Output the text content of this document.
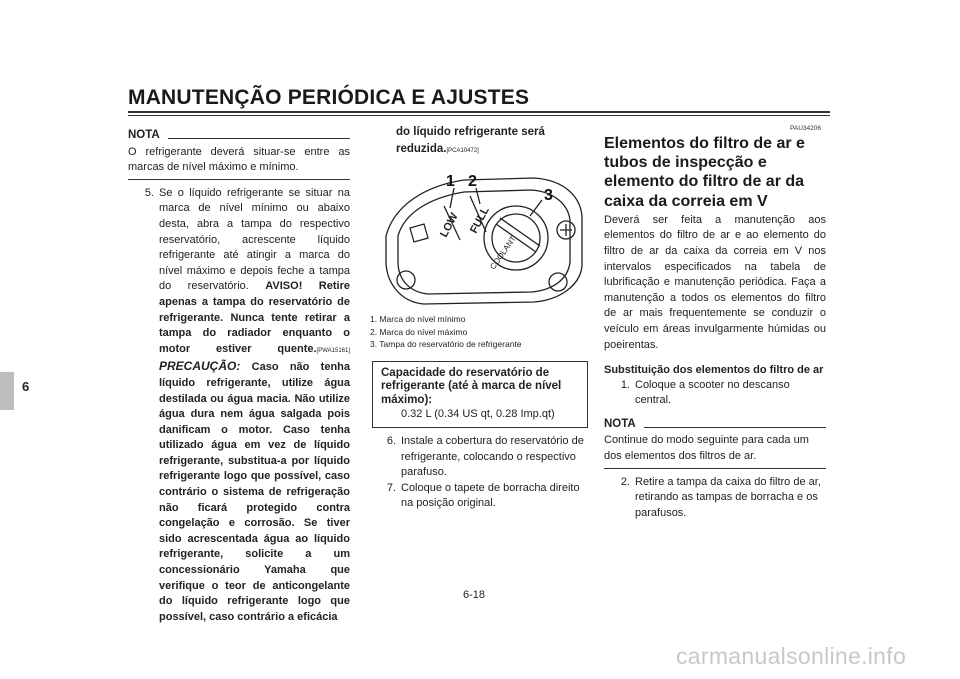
MANUTENÇÃO PERIÓDICA E AJUSTES
6
NOTA
O refrigerante deverá situar-se entre as marcas de nível máximo e mínimo.
5. Se o líquido refrigerante se situar na marca de nível mínimo ou abaixo desta, abra a tampa do respectivo reservatório, acrescente líquido refrigerante até atingir a marca do nível máximo e depois feche a tampa do reservatório. AVISO! Retire apenas a tampa do reservatório de refrigerante. Nunca tente retirar a tampa do radiador enquanto o motor estiver quente.[PWA15161] PRECAUÇÃO: Caso não tenha líquido refrigerante, utilize água destilada ou água macia. Não utilize água dura nem água salgada pois danificam o motor. Caso tenha utilizado água em vez de líquido refrigerante, substitua-a por líquido refrigerante logo que possível, caso contrário o sistema de refrigeração não ficará protegido contra congelação e corrosão. Se tiver sido acrescentada água ao líquido refrigerante, solicite a um concessionário Yamaha que verifique o teor de anticongelante do líquido refrigerante logo que possível, caso contrário a eficácia
do líquido refrigerante será reduzida.[PCA10472]
LOW FULL
COOLANT
1 2
3
1. Marca do nível mínimo
2. Marca do nível máximo
3. Tampa do reservatório de refrigerante
Capacidade do reservatório de refrigerante (até à marca de nível máximo):
0.32 L (0.34 US qt, 0.28 Imp.qt)
6. Instale a cobertura do reservatório de refrigerante, colocando o respectivo parafuso.
7. Coloque o tapete de borracha direito na posição original.
PAU34206
Elementos do filtro de ar e tubos de inspecção e elemento do filtro de ar da caixa da correia em V
Deverá ser feita a manutenção aos elementos do filtro de ar e ao elemento do filtro de ar da caixa da correia em V nos intervalos especificados na tabela de lubrificação e manutenção periódica. Faça a manutenção a todos os elementos do filtro de ar mais frequentemente se conduzir o veículo em áreas invulgarmente húmidas ou poeirentas.
Substituição dos elementos do filtro de ar
1. Coloque a scooter no descanso central.
NOTA
Continue do modo seguinte para cada um dos elementos dos filtros de ar.
2. Retire a tampa da caixa do filtro de ar, retirando as tampas de borracha e os parafusos.
6-18
carmanualsonline.info
